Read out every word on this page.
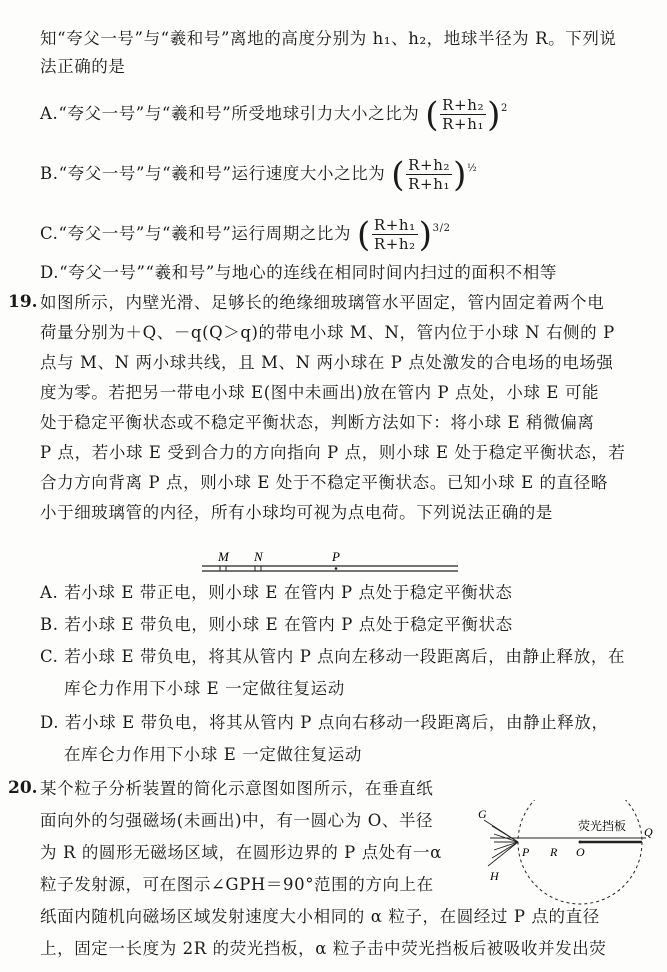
知“夸父一号”与“羲和号”离地的高度分别为 h₁、h₂，地球半径为 R。下列说
法正确的是
A.“夸父一号”与“羲和号”所受地球引力大小之比为 ( $\frac{\text{R+h₂}}{\text{R+h₁}}$ ) 2
B.“夸父一号”与“羲和号”运行速度大小之比为 ( $\frac{\text{R+h₂}}{\text{R+h₁}}$ ) ½
C.“夸父一号”与“羲和号”运行周期之比为 ( $\frac{\text{R+h₁}}{\text{R+h₂}}$ ) 3/2
D.“夸父一号”“羲和号”与地心的连线在相同时间内扫过的面积不相等
19. 如图所示，内壁光滑、足够长的绝缘细玻璃管水平固定，管内固定着两个电
荷量分别为＋Q、－q(Q＞q)的带电小球 M、N，管内位于小球 N 右侧的 P
点与 M、N 两小球共线，且 M、N 两小球在 P 点处激发的合电场的电场强
度为零。若把另一带电小球 E(图中未画出)放在管内 P 点处，小球 E 可能
处于稳定平衡状态或不稳定平衡状态，判断方法如下：将小球 E 稍微偏离
P 点，若小球 E 受到合力的方向指向 P 点，则小球 E 处于稳定平衡状态，若
合力方向背离 P 点，则小球 E 处于不稳定平衡状态。已知小球 E 的直径略
小于细玻璃管的内径，所有小球均可视为点电荷。下列说法正确的是
M N	P
A. 若小球 E 带正电，则小球 E 在管内 P 点处于稳定平衡状态
B. 若小球 E 带负电，则小球 E 在管内 P 点处于稳定平衡状态
C. 若小球 E 带负电，将其从管内 P 点向左移动一段距离后，由静止释放，在
库仑力作用下小球 E 一定做往复运动
D. 若小球 E 带负电，将其从管内 P 点向右移动一段距离后，由静止释放，
在库仑力作用下小球 E 一定做往复运动
20. 某个粒子分析装置的简化示意图如图所示，在垂直纸
面向外的匀强磁场(未画出)中，有一圆心为 O、半径
为 R 的圆形无磁场区域，在圆形边界的 P 点处有一α
粒子发射源，可在图示∠GPH＝90°范围的方向上在
纸面内随机向磁场区域发射速度大小相同的 α 粒子，在圆经过 P 点的直径
上，固定一长度为 2R 的荧光挡板，α 粒子击中荧光挡板后被吸收并发出荧
荧光挡板
G
H
P R O
Q
